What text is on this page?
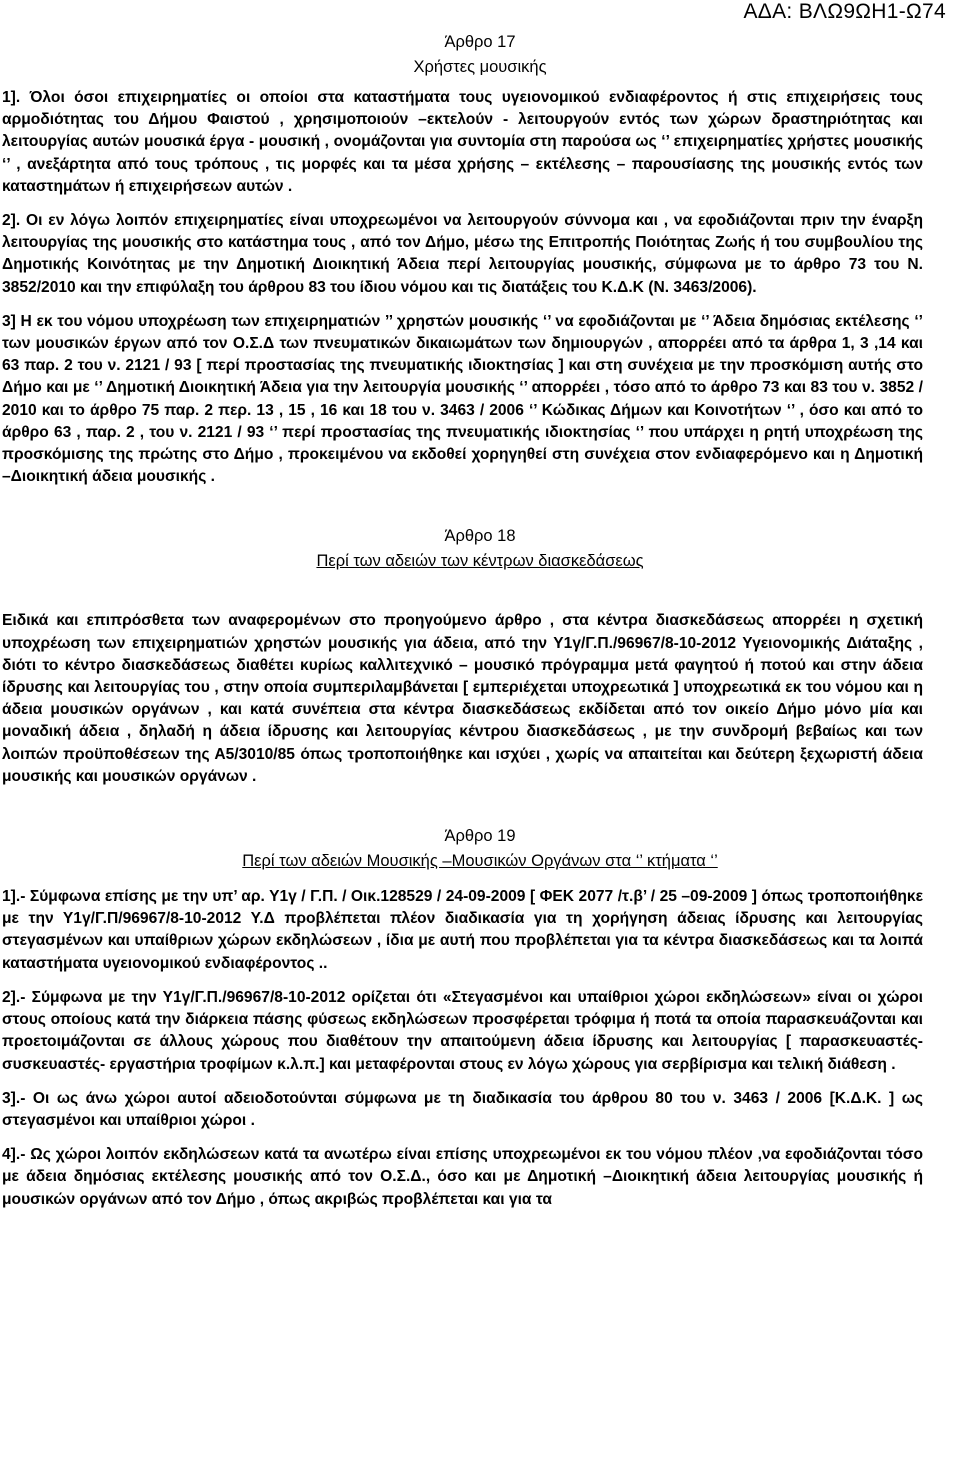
ΑΔΑ: ΒΛΩ9ΩΗ1-Ω74
Άρθρο 17
Χρήστες μουσικής

1]. Όλοι όσοι επιχειρηματίες οι οποίοι στα καταστήματα τους υγειονομικού ενδιαφέροντος ή στις επιχειρήσεις τους αρμοδιότητας του Δήμου Φαιστού , χρησιμοποιούν –εκτελούν - λειτουργούν εντός των χώρων δραστηριότητας και λειτουργίας αυτών μουσικά έργα - μουσική , ονομάζονται για συντομία στη παρούσα ως ‘’ επιχειρηματίες χρήστες μουσικής ‘’ , ανεξάρτητα από τους τρόπους , τις μορφές και τα μέσα χρήσης – εκτέλεσης – παρουσίασης της μουσικής εντός των καταστημάτων ή επιχειρήσεων αυτών .

2]. Οι εν λόγω λοιπόν επιχειρηματίες είναι υποχρεωμένοι να λειτουργούν σύννομα και , να εφοδιάζονται πριν την έναρξη λειτουργίας της μουσικής στο κατάστημα τους , από τον Δήμο, μέσω της Επιτροπής Ποιότητας Ζωής ή του συμβουλίου της Δημοτικής Κοινότητας με την Δημοτική Διοικητική Άδεια περί λειτουργίας μουσικής, σύμφωνα με το άρθρο 73 του Ν. 3852/2010 και την επιφύλαξη του άρθρου 83 του ίδιου νόμου και τις διατάξεις του Κ.Δ.Κ (Ν. 3463/2006).

3] Η εκ του νόμου υποχρέωση των επιχειρηματιών ’’ χρηστών μουσικής ‘’ να εφοδιάζονται με ‘’ Άδεια δημόσιας εκτέλεσης ‘’ των μουσικών έργων από τον Ο.Σ.Δ των πνευματικών δικαιωμάτων των δημιουργών , απορρέει από τα άρθρα 1, 3 ,14 και 63 παρ. 2 του ν. 2121 / 93 [ περί προστασίας της πνευματικής ιδιοκτησίας ] και στη συνέχεια με την προσκόμιση αυτής στο Δήμο και με ‘’ Δημοτική Διοικητική Άδεια για την λειτουργία μουσικής ‘’ απορρέει , τόσο από το άρθρο 73 και 83 του ν. 3852 / 2010 και το άρθρο 75 παρ. 2 περ. 13 , 15 , 16 και 18 του ν. 3463 / 2006 ‘’ Κώδικας Δήμων και Κοινοτήτων ‘’ , όσο και από το άρθρο 63 , παρ. 2 , του ν. 2121 / 93 ‘’ περί προστασίας της πνευματικής ιδιοκτησίας ‘’ που υπάρχει η ρητή υποχρέωση της προσκόμισης της πρώτης στο Δήμο , προκειμένου να εκδοθεί χορηγηθεί στη συνέχεια στον ενδιαφερόμενο και η Δημοτική –Διοικητική άδεια μουσικής .

Άρθρο 18
Περί των αδειών των κέντρων διασκεδάσεως

Ειδικά και επιπρόσθετα των αναφερομένων στο προηγούμενο άρθρο , στα κέντρα διασκεδάσεως απορρέει η σχετική υποχρέωση των επιχειρηματιών χρηστών μουσικής για άδεια, από την Υ1γ/Γ.Π./96967/8-10-2012 Υγειονομικής Διάταξης , διότι το κέντρο διασκεδάσεως διαθέτει κυρίως καλλιτεχνικό – μουσικό πρόγραμμα μετά φαγητού ή ποτού και στην άδεια ίδρυσης και λειτουργίας του , στην οποία συμπεριλαμβάνεται [ εμπεριέχεται υποχρεωτικά ] υποχρεωτικά εκ του νόμου και η άδεια μουσικών οργάνων , και κατά συνέπεια στα κέντρα διασκεδάσεως εκδίδεται από τον οικείο Δήμο μόνο μία και μοναδική άδεια , δηλαδή η άδεια ίδρυσης και λειτουργίας κέντρου διασκεδάσεως , με την συνδρομή βεβαίως και των λοιπών προϋποθέσεων της Α5/3010/85 όπως τροποποιήθηκε και ισχύει , χωρίς να απαιτείται και δεύτερη ξεχωριστή άδεια μουσικής και μουσικών οργάνων .

Άρθρο 19
Περί των αδειών Μουσικής –Μουσικών Οργάνων στα ‘’ κτήματα ‘’

1].- Σύμφωνα επίσης με την υπ’ αρ. Υ1γ / Γ.Π. / Οικ.128529 / 24-09-2009 [ ΦΕΚ 2077 /τ.β’ / 25 –09-2009 ] όπως τροποποιήθηκε με την Υ1γ/Γ.Π/96967/8-10-2012 Υ.Δ προβλέπεται πλέον διαδικασία για τη χορήγηση άδειας ίδρυσης και λειτουργίας στεγασμένων και υπαίθριων χώρων εκδηλώσεων , ίδια με αυτή που προβλέπεται για τα κέντρα διασκεδάσεως και τα λοιπά καταστήματα υγειονομικού ενδιαφέροντος ..

2].- Σύμφωνα με την Υ1γ/Γ.Π./96967/8-10-2012 ορίζεται ότι «Στεγασμένοι και υπαίθριοι χώροι εκδηλώσεων» είναι οι χώροι στους οποίους κατά την διάρκεια πάσης φύσεως εκδηλώσεων προσφέρεται τρόφιμα ή ποτά τα οποία παρασκευάζονται και προετοιμάζονται σε άλλους χώρους που διαθέτουν την απαιτούμενη άδεια ίδρυσης και λειτουργίας [ παρασκευαστές-συσκευαστές- εργαστήρια τροφίμων κ.λ.π.] και μεταφέρονται στους εν λόγω χώρους για σερβίρισμα και τελική διάθεση .

3].- Οι ως άνω χώροι αυτοί αδειοδοτούνται σύμφωνα με τη διαδικασία του άρθρου 80 του ν. 3463 / 2006 [Κ.Δ.Κ. ] ως στεγασμένοι και υπαίθριοι χώροι .

4].- Ως χώροι λοιπόν εκδηλώσεων κατά τα ανωτέρω είναι επίσης υποχρεωμένοι εκ του νόμου πλέον ,να εφοδιάζονται τόσο με άδεια δημόσιας εκτέλεσης μουσικής από τον Ο.Σ.Δ., όσο και με Δημοτική –Διοικητική άδεια λειτουργίας μουσικής ή μουσικών οργάνων από τον Δήμο , όπως ακριβώς προβλέπεται και για τα
